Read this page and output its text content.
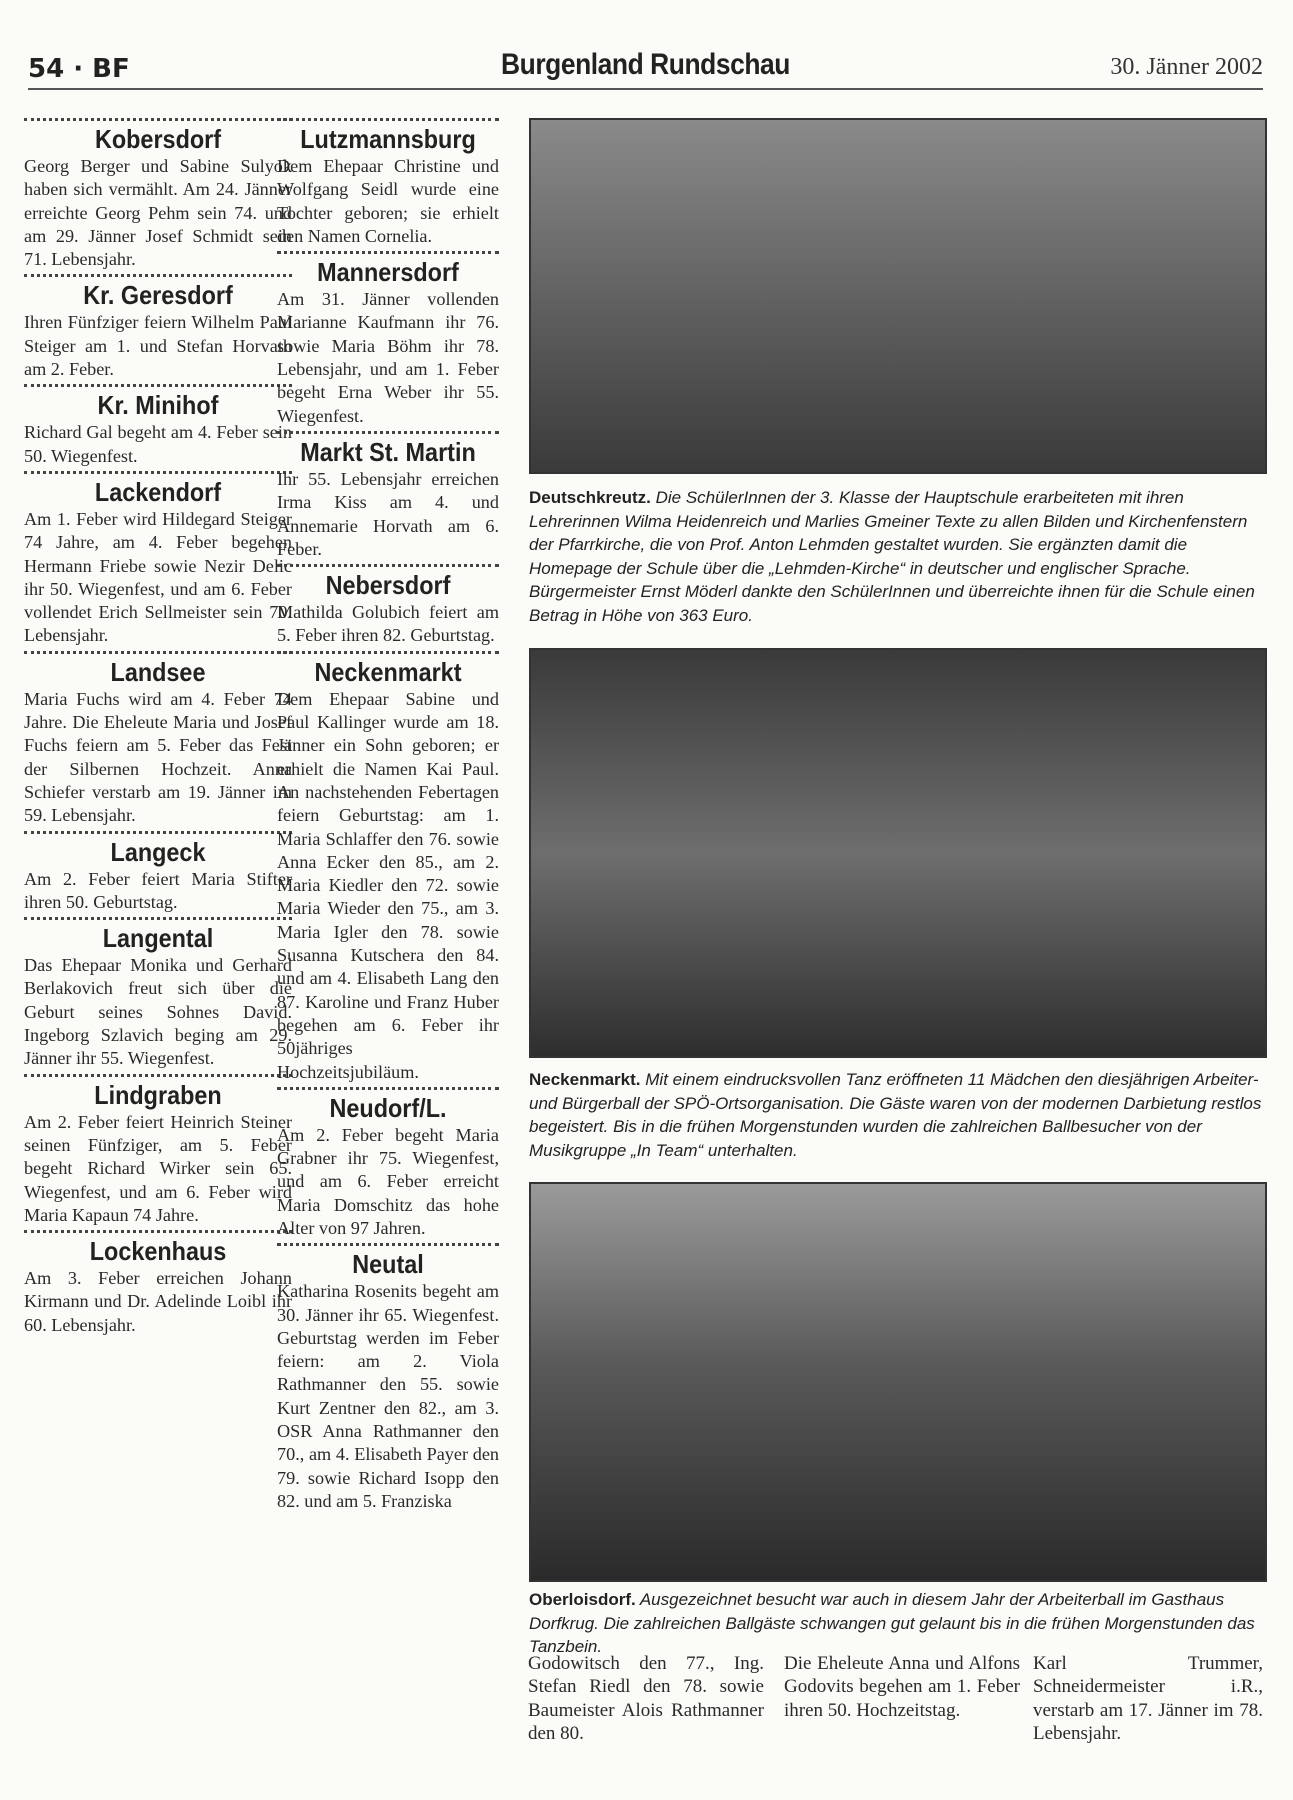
54 · BF	Burgenland Rundschau	30. Jänner 2002
Kobersdorf

Georg Berger und Sabine Sulyok haben sich vermählt. Am 24. Jänner erreichte Georg Pehm sein 74. und am 29. Jänner Josef Schmidt sein 71. Lebensjahr.

Kr. Geresdorf

Ihren Fünfziger feiern Wilhelm Paul Steiger am 1. und Stefan Horvath am 2. Feber.

Kr. Minihof

Richard Gal begeht am 4. Feber sein 50. Wiegenfest.

Lackendorf

Am 1. Feber wird Hildegard Steiger 74 Jahre, am 4. Feber begehen Hermann Friebe sowie Nezir Delic ihr 50. Wiegenfest, und am 6. Feber vollendet Erich Sellmeister sein 70. Lebensjahr.

Landsee

Maria Fuchs wird am 4. Feber 74 Jahre. Die Eheleute Maria und Josef Fuchs feiern am 5. Feber das Fest der Silbernen Hochzeit. Anna Schiefer verstarb am 19. Jänner im 59. Lebensjahr.

Langeck

Am 2. Feber feiert Maria Stifter ihren 50. Geburtstag.

Langental

Das Ehepaar Monika und Gerhard Berlakovich freut sich über die Geburt seines Sohnes David. Ingeborg Szlavich beging am 29. Jänner ihr 55. Wiegenfest.

Lindgraben

Am 2. Feber feiert Heinrich Steiner seinen Fünfziger, am 5. Feber begeht Richard Wirker sein 65. Wiegenfest, und am 6. Feber wird Maria Kapaun 74 Jahre.

Lockenhaus

Am 3. Feber erreichen Johann Kirmann und Dr. Adelinde Loibl ihr 60. Lebensjahr.

Lutzmannsburg

Dem Ehepaar Christine und Wolfgang Seidl wurde eine Tochter geboren; sie erhielt den Namen Cornelia.

Mannersdorf

Am 31. Jänner vollenden Marianne Kaufmann ihr 76. sowie Maria Böhm ihr 78. Lebensjahr, und am 1. Feber begeht Erna Weber ihr 55. Wiegenfest.

Markt St. Martin

Ihr 55. Lebensjahr erreichen Irma Kiss am 4. und Annemarie Horvath am 6. Feber.

Nebersdorf

Mathilda Golubich feiert am 5. Feber ihren 82. Geburtstag.

Neckenmarkt

Dem Ehepaar Sabine und Paul Kallinger wurde am 18. Jänner ein Sohn geboren; er erhielt die Namen Kai Paul. An nachstehenden Febertagen feiern Geburtstag: am 1. Maria Schlaffer den 76. sowie Anna Ecker den 85., am 2. Maria Kiedler den 72. sowie Maria Wieder den 75., am 3. Maria Igler den 78. sowie Susanna Kutschera den 84. und am 4. Elisabeth Lang den 87. Karoline und Franz Huber begehen am 6. Feber ihr 50jähriges Hochzeitsjubiläum.

Neudorf/L.

Am 2. Feber begeht Maria Grabner ihr 75. Wiegenfest, und am 6. Feber erreicht Maria Domschitz das hohe Alter von 97 Jahren.

Neutal

Katharina Rosenits begeht am 30. Jänner ihr 65. Wiegenfest. Geburtstag werden im Feber feiern: am 2. Viola Rathmanner den 55. sowie Kurt Zentner den 82., am 3. OSR Anna Rathmanner den 70., am 4. Elisabeth Payer den 79. sowie Richard Isopp den 82. und am 5. Franziska

Deutschkreutz. Die SchülerInnen der 3. Klasse der Hauptschule erarbeiteten mit ihren Lehrerinnen Wilma Heidenreich und Marlies Gmeiner Texte zu allen Bilden und Kirchenfenstern der Pfarrkirche, die von Prof. Anton Lehmden gestaltet wurden. Sie ergänzten damit die Homepage der Schule über die „Lehmden-Kirche“ in deutscher und englischer Sprache. Bürgermeister Ernst Möderl dankte den SchülerInnen und überreichte ihnen für die Schule einen Betrag in Höhe von 363 Euro.
Neckenmarkt. Mit einem eindrucksvollen Tanz eröffneten 11 Mädchen den diesjährigen Arbeiter- und Bürgerball der SPÖ-Ortsorganisation. Die Gäste waren von der modernen Darbietung restlos begeistert. Bis in die frühen Morgenstunden wurden die zahlreichen Ballbesucher von der Musikgruppe „In Team“ unterhalten.
Oberloisdorf. Ausgezeichnet besucht war auch in diesem Jahr der Arbeiterball im Gasthaus Dorfkrug. Die zahlreichen Ballgäste schwangen gut gelaunt bis in die frühen Morgenstunden das Tanzbein.
Godowitsch den 77., Ing. Stefan Riedl den 78. sowie Baumeister Alois Rathmanner den 80.
Die Eheleute Anna und Alfons Godovits begehen am 1. Feber ihren 50. Hochzeitstag.
Karl Trummer, Schneidermeister i.R., verstarb am 17. Jänner im 78. Lebensjahr.
